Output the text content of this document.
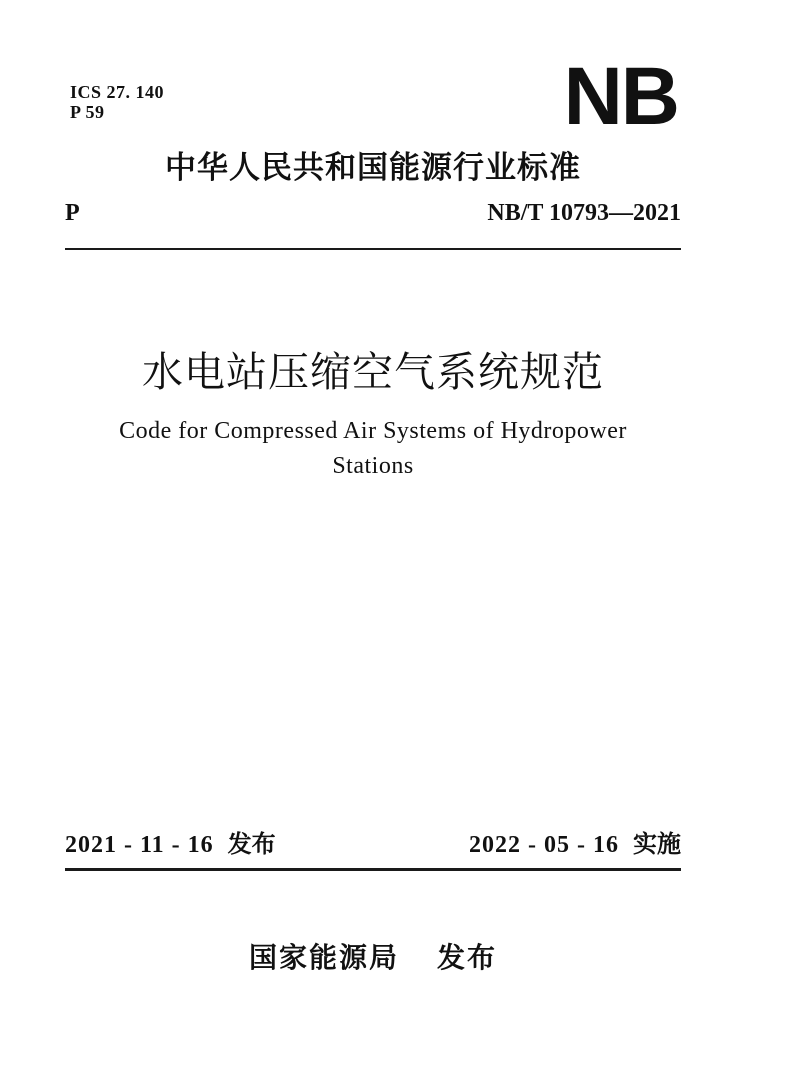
ICS 27. 140
P 59	NB
中华人民共和国能源行业标准
P	NB/T 10793—2021
水电站压缩空气系统规范
Code for Compressed Air Systems of Hydropower
Stations
2021 - 11 - 16 发布	2022 - 05 - 16 实施
国家能源局 发布
